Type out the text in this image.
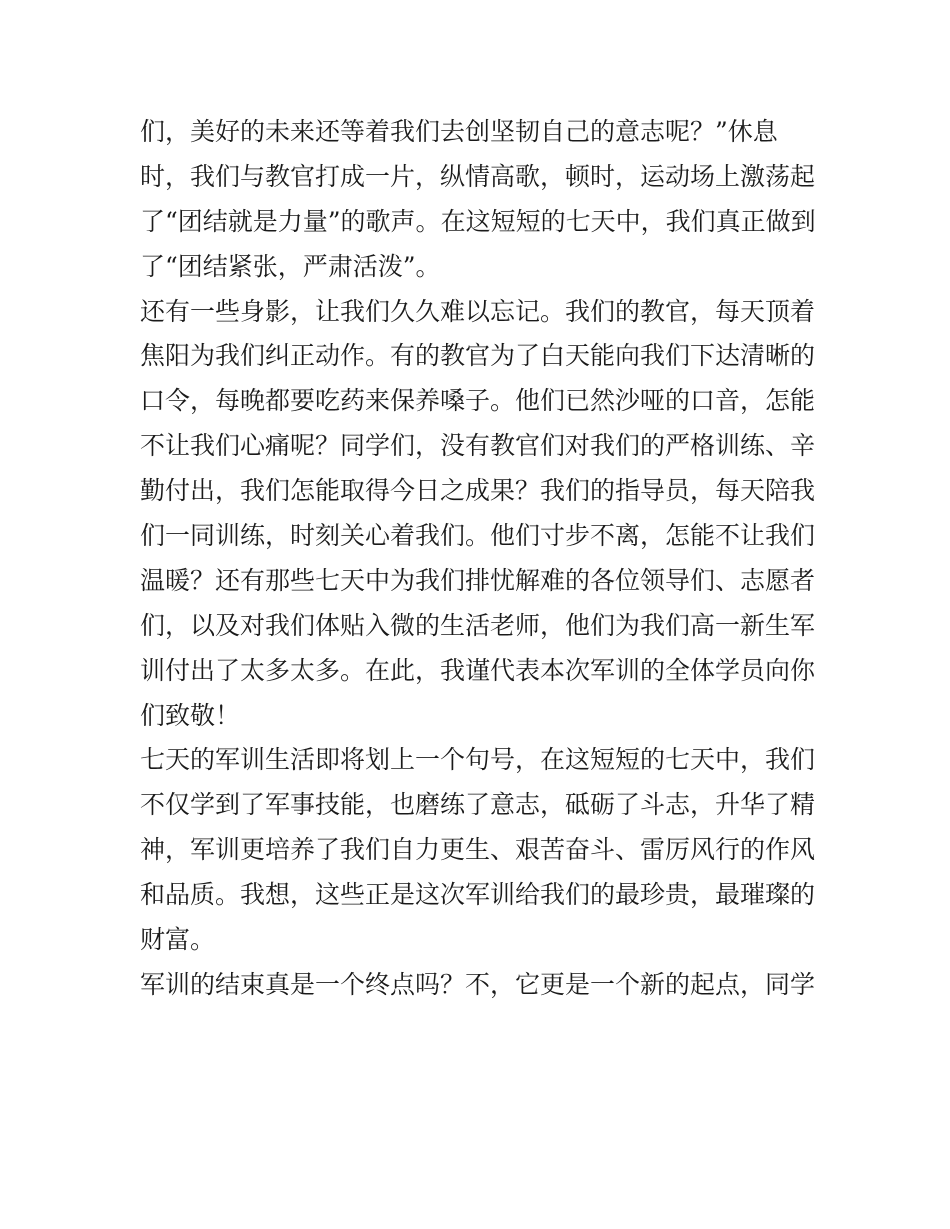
们，美好的未来还等着我们去创坚韧自己的意志呢？”休息
时，我们与教官打成一片，纵情高歌，顿时，运动场上激荡起
了“团结就是力量”的歌声。在这短短的七天中，我们真正做到
了“团结紧张，严肃活泼”。
还有一些身影，让我们久久难以忘记。我们的教官，每天顶着
焦阳为我们纠正动作。有的教官为了白天能向我们下达清晰的
口令，每晚都要吃药来保养嗓子。他们已然沙哑的口音，怎能
不让我们心痛呢？同学们，没有教官们对我们的严格训练、辛
勤付出，我们怎能取得今日之成果？我们的指导员，每天陪我
们一同训练，时刻关心着我们。他们寸步不离，怎能不让我们
温暖？还有那些七天中为我们排忧解难的各位领导们、志愿者
们，以及对我们体贴入微的生活老师，他们为我们高一新生军
训付出了太多太多。在此，我谨代表本次军训的全体学员向你
们致敬！
七天的军训生活即将划上一个句号，在这短短的七天中，我们
不仅学到了军事技能，也磨练了意志，砥砺了斗志，升华了精
神，军训更培养了我们自力更生、艰苦奋斗、雷厉风行的作风
和品质。我想，这些正是这次军训给我们的最珍贵，最璀璨的
财富。
军训的结束真是一个终点吗？不，它更是一个新的起点，同学
